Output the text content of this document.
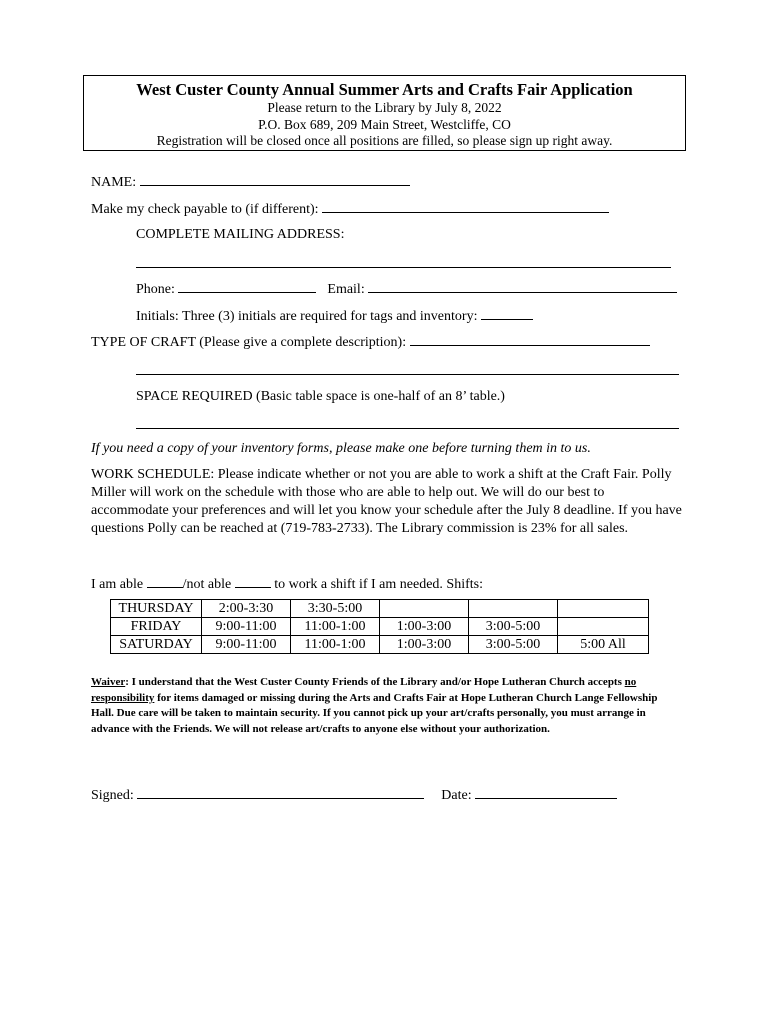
West Custer County Annual Summer Arts and Crafts Fair Application
Please return to the Library by July 8, 2022
P.O. Box 689, 209 Main Street, Westcliffe, CO
Registration will be closed once all positions are filled, so please sign up right away.
NAME:
Make my check payable to (if different):
COMPLETE MAILING ADDRESS:
Phone:	Email:
Initials: Three (3) initials are required for tags and inventory:
TYPE OF CRAFT (Please give a complete description):
SPACE REQUIRED (Basic table space is one-half of an 8’ table.)
If you need a copy of your inventory forms, please make one before turning them in to us.
WORK SCHEDULE: Please indicate whether or not you are able to work a shift at the Craft Fair. Polly Miller will work on the schedule with those who are able to help out. We will do our best to accommodate your preferences and will let you know your schedule after the July 8 deadline. If you have questions Polly can be reached at (719-783-2733). The Library commission is 23% for all sales.
I am able	/not able	to work a shift if I am needed. Shifts:
THURSDAY	2:00-3:30	3:30-5:00			
FRIDAY	9:00-11:00	11:00-1:00	1:00-3:00	3:00-5:00	
SATURDAY	9:00-11:00	11:00-1:00	1:00-3:00	3:00-5:00	5:00 All
Waiver: I understand that the West Custer County Friends of the Library and/or Hope Lutheran Church accepts no responsibility for items damaged or missing during the Arts and Crafts Fair at Hope Lutheran Church Lange Fellowship Hall. Due care will be taken to maintain security. If you cannot pick up your art/crafts personally, you must arrange in advance with the Friends. We will not release art/crafts to anyone else without your authorization.
Signed:	Date:
